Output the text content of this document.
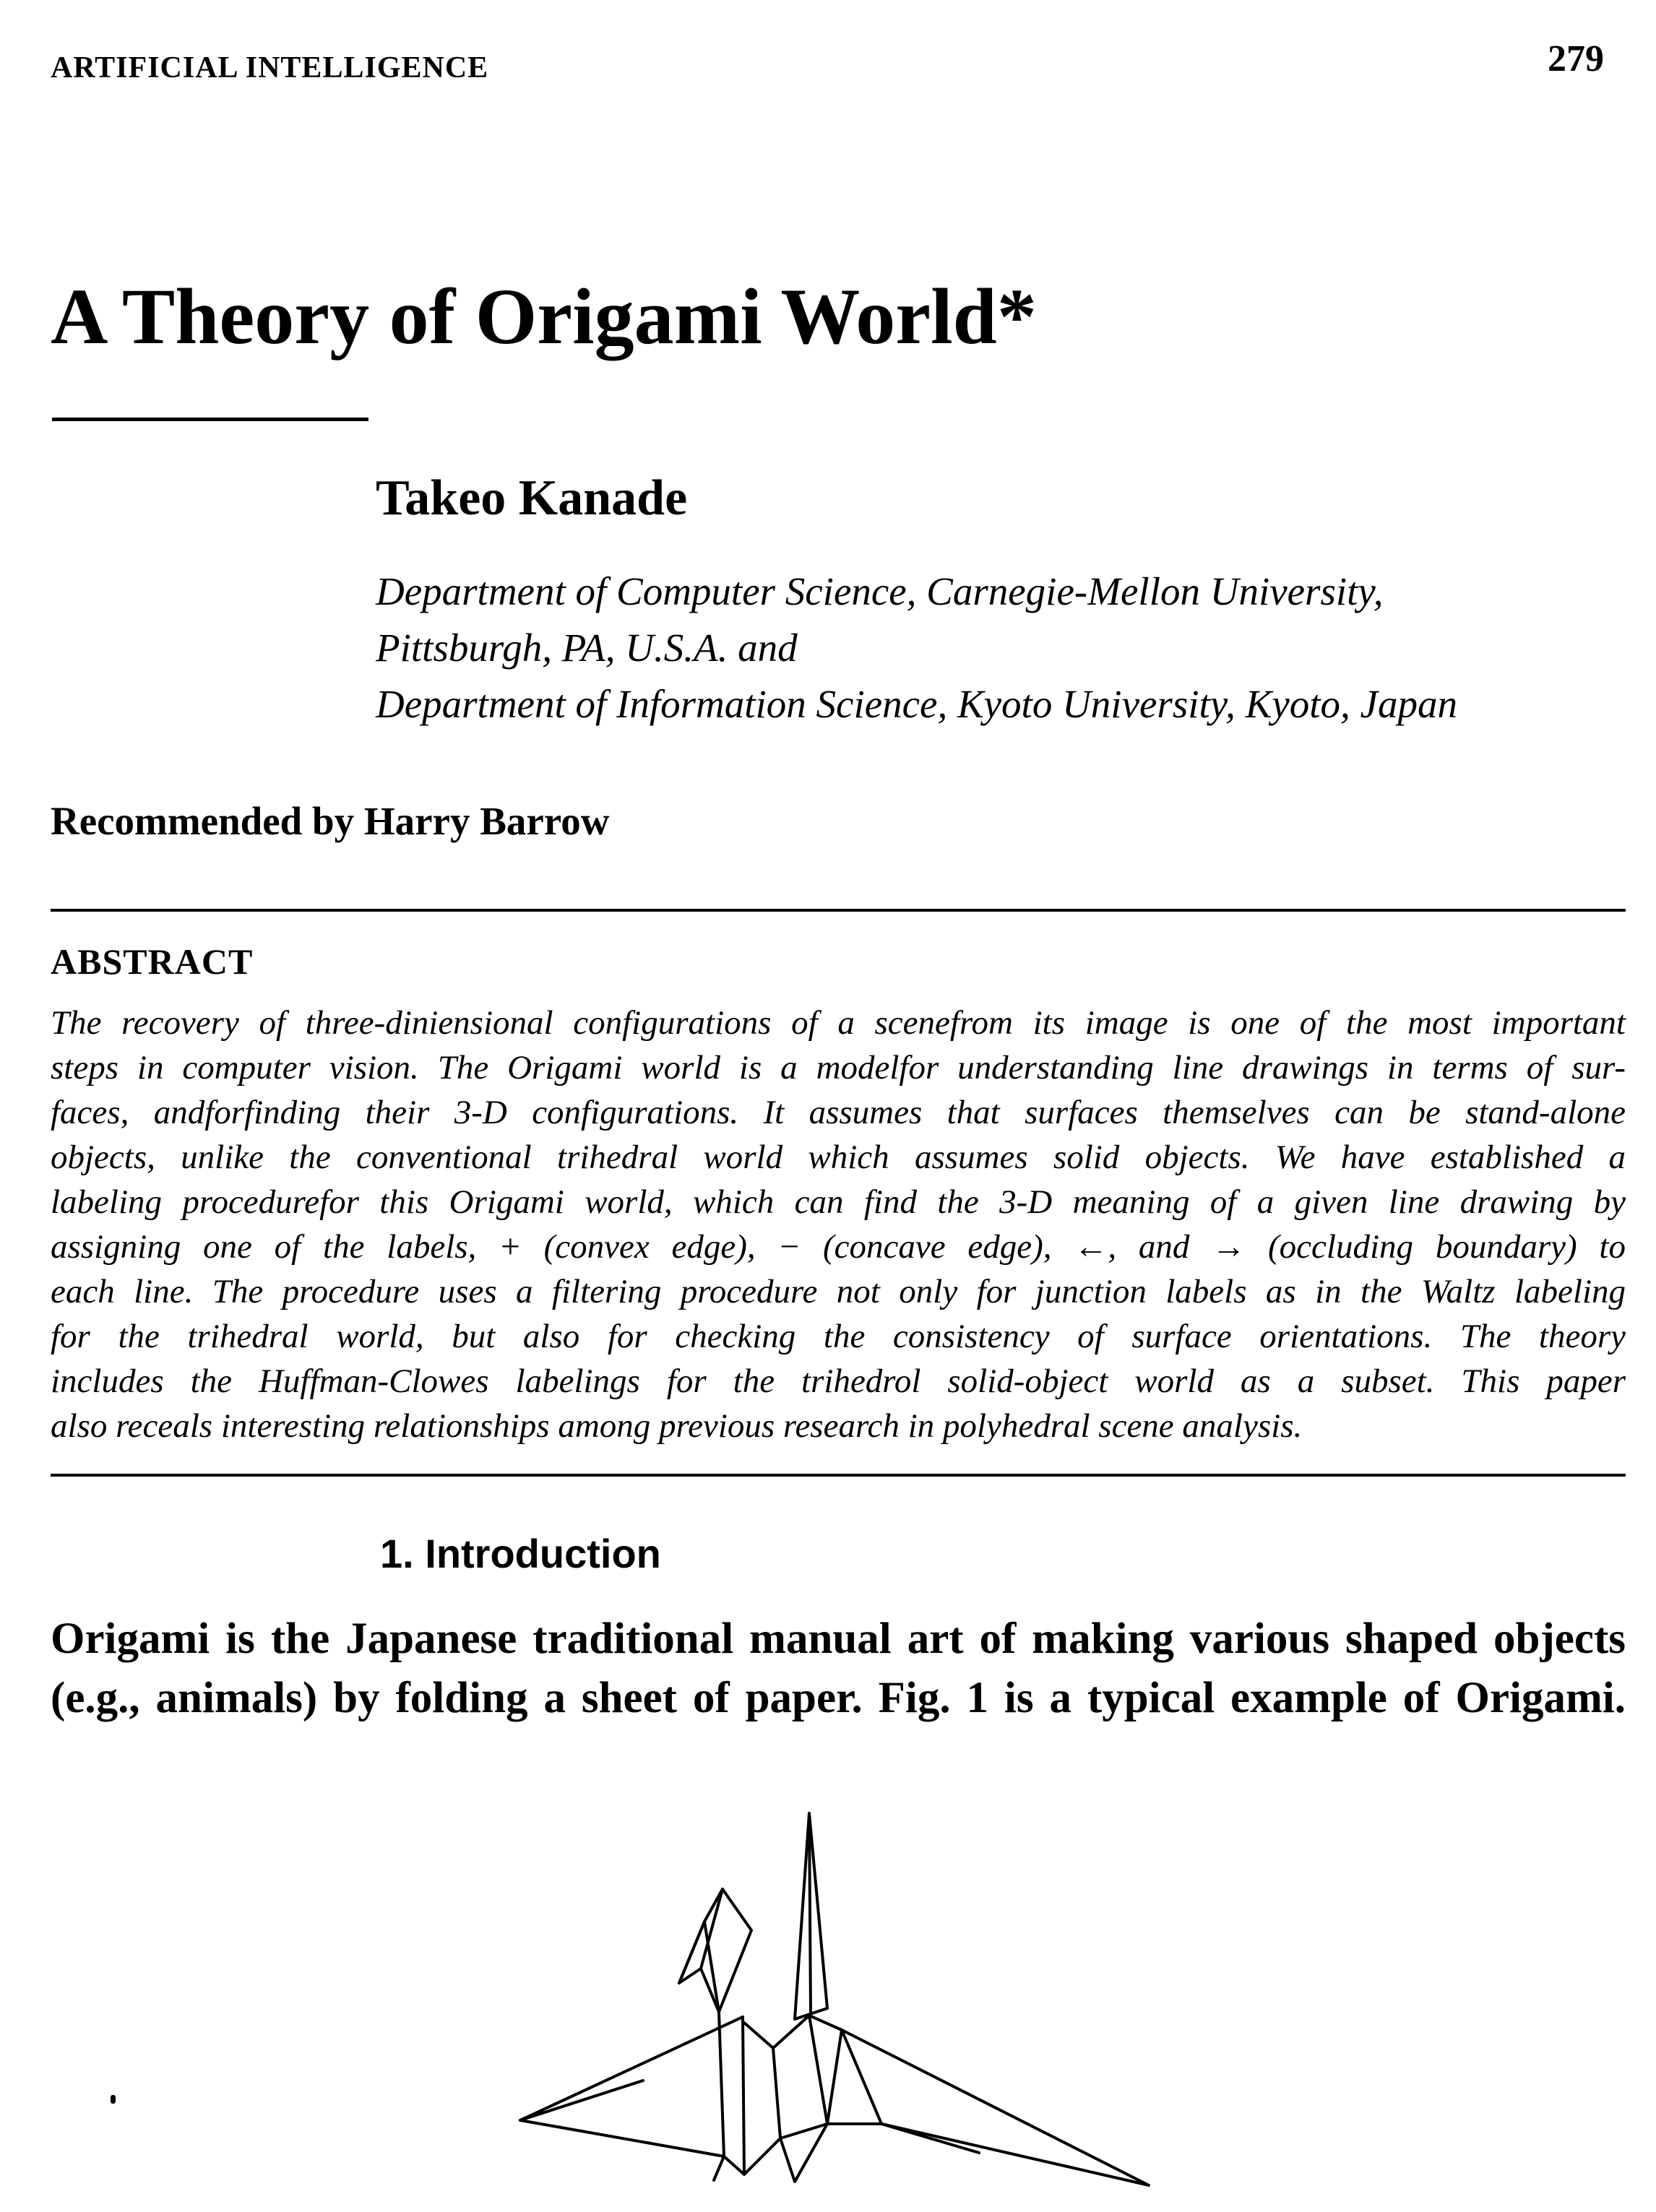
ARTIFICIAL INTELLIGENCE	279
A Theory of Origami World*
Takeo Kanade
Department of Computer Science, Carnegie-Mellon University,
Pittsburgh, PA, U.S.A. and
Department of Information Science, Kyoto University, Kyoto, Japan
Recommended by Harry Barrow
ABSTRACT
The recovery of three-diniensional configurations of a scenefrom its image is one of the most important
steps in computer vision. The Origami world is a modelfor understanding line drawings in terms of sur-
faces, andforfinding their 3-D configurations. It assumes that surfaces themselves can be stand-alone
objects, unlike the conventional trihedral world which assumes solid objects. We have established a
labeling procedurefor this Origami world, which can find the 3-D meaning of a given line drawing by
assigning one of the labels, + (convex edge), − (concave edge), ←, and → (occluding boundary) to
each line. The procedure uses a filtering procedure not only for junction labels as in the Waltz labeling
for the trihedral world, but also for checking the consistency of surface orientations. The theory
includes the Huffman-Clowes labelings for the trihedrol solid-object world as a subset. This paper
also receals interesting relationships among previous research in polyhedral scene analysis.
1. Introduction
Origami is the Japanese traditional manual art of making various shaped objects
(e.g., animals) by folding a sheet of paper. Fig. 1 is a typical example of Origami.
